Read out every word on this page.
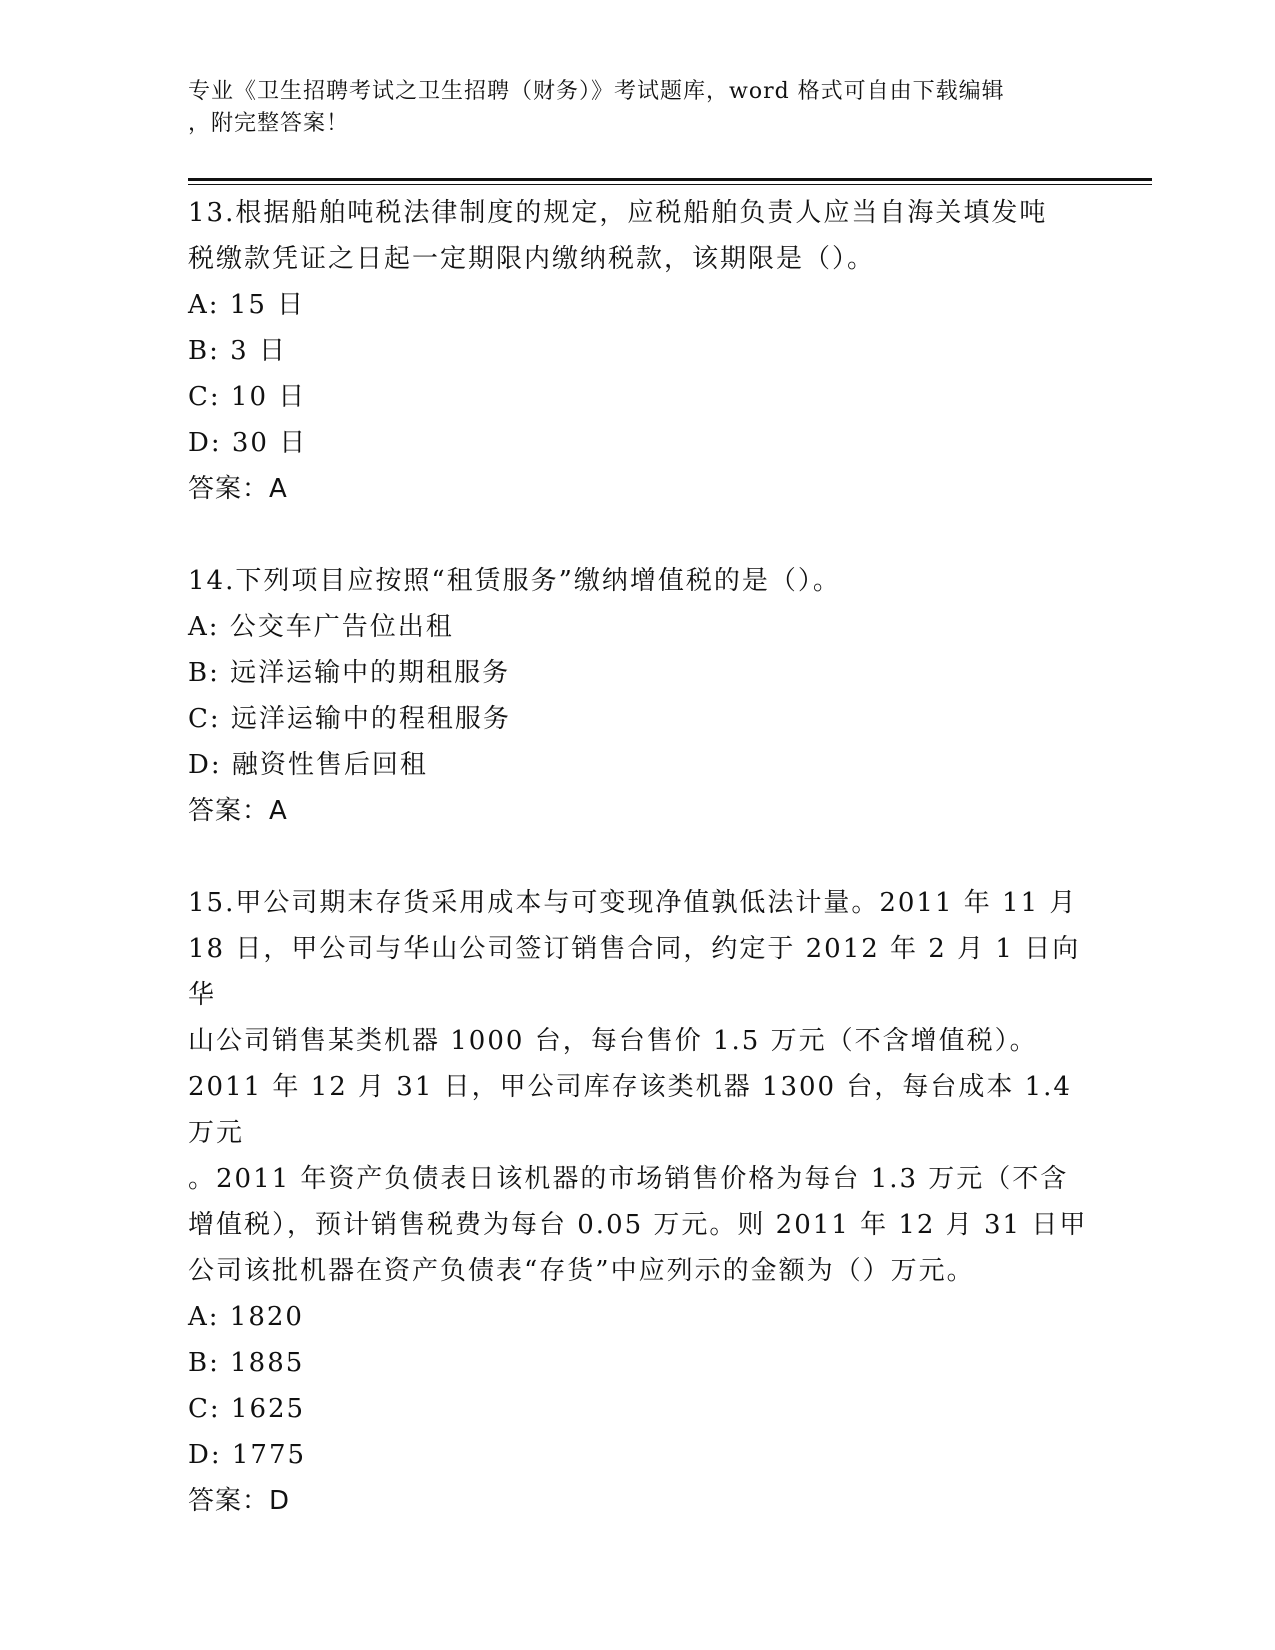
专业《卫生招聘考试之卫生招聘（财务）》考试题库，word 格式可自由下载编辑
，附完整答案！

13.根据船舶吨税法律制度的规定，应税船舶负责人应当自海关填发吨

税缴款凭证之日起一定期限内缴纳税款，该期限是（）。

A: 15 日

B: 3 日

C: 10 日

D: 30 日

答案：A

14.下列项目应按照“租赁服务”缴纳增值税的是（）。

A: 公交车广告位出租

B: 远洋运输中的期租服务

C: 远洋运输中的程租服务

D: 融资性售后回租

答案：A

15.甲公司期末存货采用成本与可变现净值孰低法计量。2011 年 11 月

18 日，甲公司与华山公司签订销售合同，约定于 2012 年 2 月 1 日向华

山公司销售某类机器 1000 台，每台售价 1.5 万元（不含增值税）。

2011 年 12 月 31 日，甲公司库存该类机器 1300 台，每台成本 1.4 万元

。2011 年资产负债表日该机器的市场销售价格为每台 1.3 万元（不含

增值税），预计销售税费为每台 0.05 万元。则 2011 年 12 月 31 日甲

公司该批机器在资产负债表“存货”中应列示的金额为（）万元。

A: 1820

B: 1885

C: 1625

D: 1775

答案：D
